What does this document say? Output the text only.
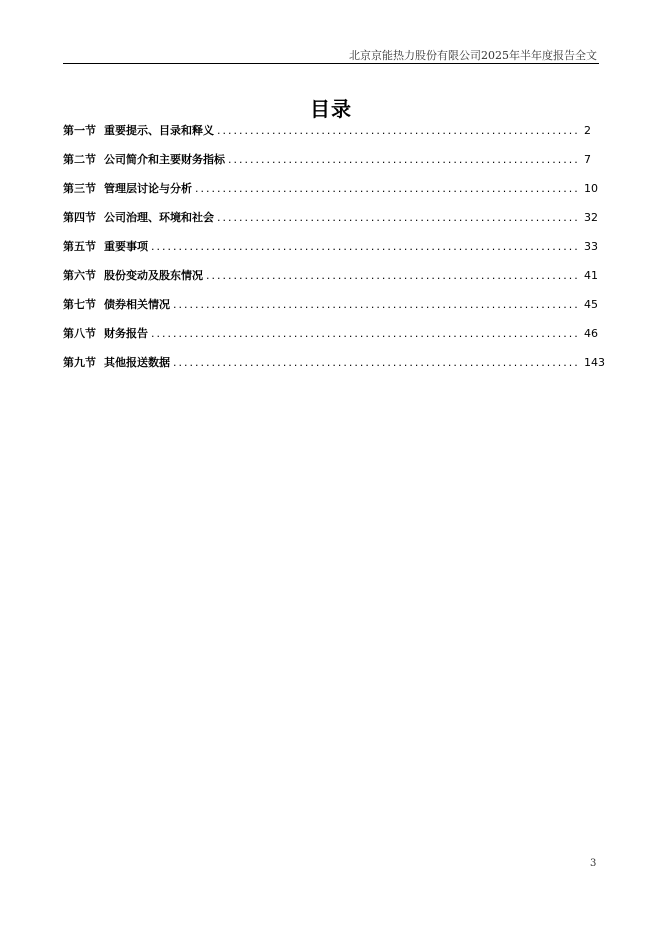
北京京能热力股份有限公司2025年半年度报告全文
目录
第一节 重要提示、目录和释义 .....	2
第二节 公司简介和主要财务指标 .....	7
第三节 管理层讨论与分析 .....	10
第四节 公司治理、环境和社会 .....	32
第五节 重要事项 .....	33
第六节 股份变动及股东情况 .....	41
第七节 债券相关情况 .....	45
第八节 财务报告 .....	46
第九节 其他报送数据 .....	143
3
